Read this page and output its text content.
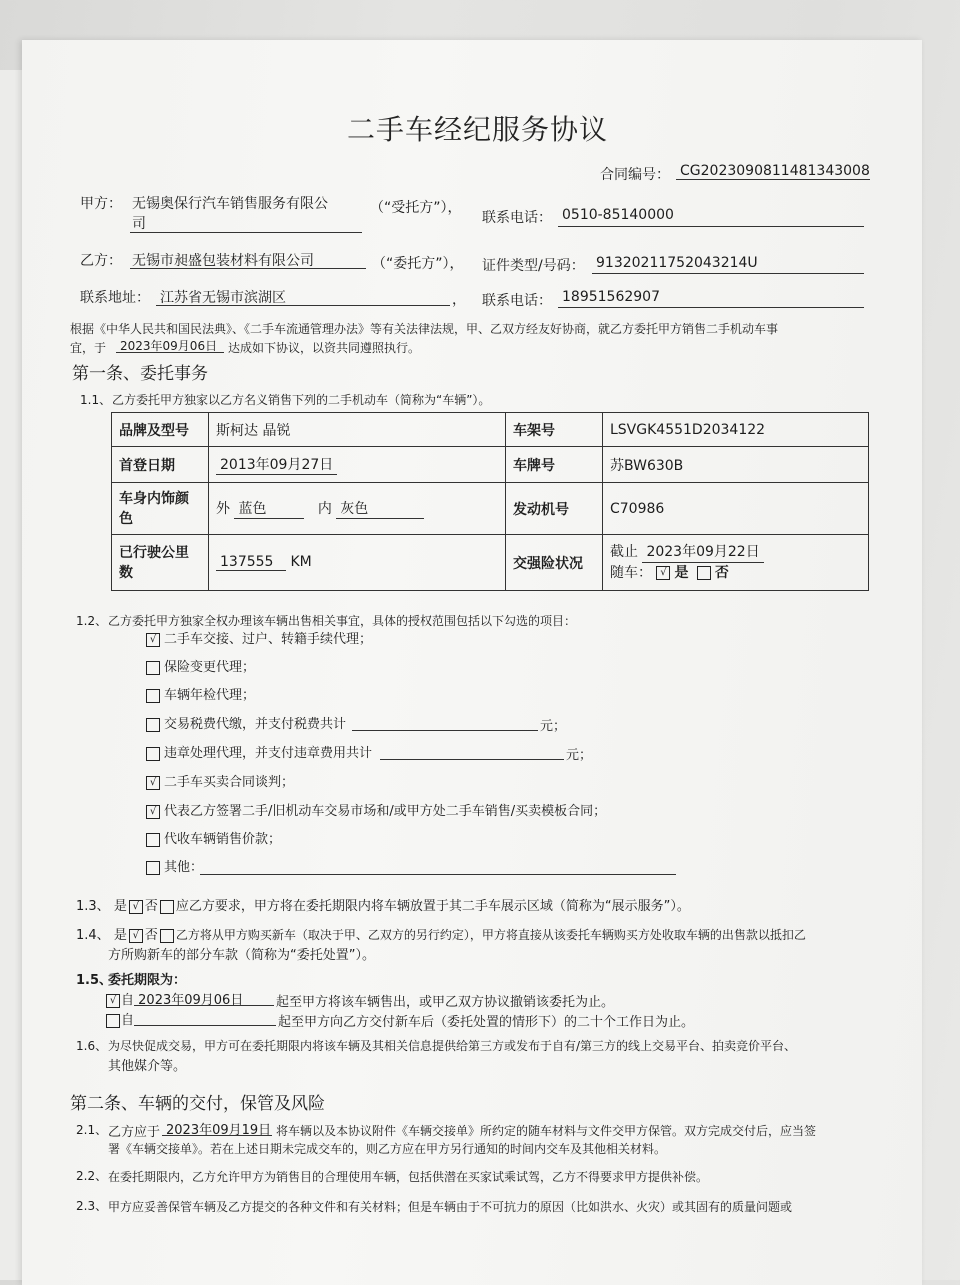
二手车经纪服务协议
合同编号： CG2023090811481343008
甲方： 无锡奥保行汽车销售服务有限公
司
（“受托方”），
联系电话： 0510-85140000
乙方： 无锡市昶盛包装材料有限公司	（“委托方”）， 证件类型/号码： 91320211752043214U
联系地址： 江苏省无锡市滨湖区	， 联系电话： 18951562907
根据《中华人民共和国民法典》、《二手车流通管理办法》等有关法律法规，甲、乙双方经友好协商，就乙方委托甲方销售二手机动车事
宜，于 2023年09月06日 达成如下协议，以资共同遵照执行。
第一条、委托事务
1.1、 乙方委托甲方独家以乙方名义销售下列的二手机动车（简称为“车辆”）。
品牌及型号	斯柯达 晶锐	车架号	LSVGK4551D2034122
首登日期	2013年09月27日	车牌号	苏BW630B
车身内饰颜色	外 蓝色 内 灰色	发动机号	C70986
已行驶公里数	137555 KM	交强险状况	截止 2023年09月22日
随车： √ 是 否
1.2、 乙方委托甲方独家全权办理该车辆出售相关事宜，具体的授权范围包括以下勾选的项目：
√ 二手车交接、过户、转籍手续代理；
保险变更代理；
车辆年检代理；
交易税费代缴，并支付税费共计	元；
违章处理代理，并支付违章费用共计	元；
√ 二手车买卖合同谈判；
√ 代表乙方签署二手/旧机动车交易市场和/或甲方处二手车销售/买卖模板合同；
代收车辆销售价款；
其他：
1.3、 是 √ 否 应乙方要求，甲方将在委托期限内将车辆放置于其二手车展示区域（简称为“展示服务”）。
1.4、 是 √ 否 乙方将从甲方购买新车（取决于甲、乙双方的另行约定），甲方将直接从该委托车辆购买方处收取车辆的出售款以抵扣乙
方所购新车的部分车款（简称为“委托处置”）。
1.5、
委托期限为：
√ 自 2023年09月06日	起至甲方将该车辆售出，或甲乙双方协议撤销该委托为止。
自	起至甲方向乙方交付新车后（委托处置的情形下）的二十个工作日为止。
1.6、 为尽快促成交易，甲方可在委托期限内将该车辆及其相关信息提供给第三方或发布于自有/第三方的线上交易平台、拍卖竞价平台、
其他媒介等。
第二条、车辆的交付，保管及风险
2.1、 乙方应于 2023年09月19日 将车辆以及本协议附件《车辆交接单》所约定的随车材料与文件交甲方保管。双方完成交付后，应当签
署《车辆交接单》。若在上述日期未完成交车的，则乙方应在甲方另行通知的时间内交车及其他相关材料。
2.2、 在委托期限内，乙方允许甲方为销售目的合理使用车辆，包括供潜在买家试乘试驾，乙方不得要求甲方提供补偿。
2.3、 甲方应妥善保管车辆及乙方提交的各种文件和有关材料；但是车辆由于不可抗力的原因（比如洪水、火灾）或其固有的质量问题或
